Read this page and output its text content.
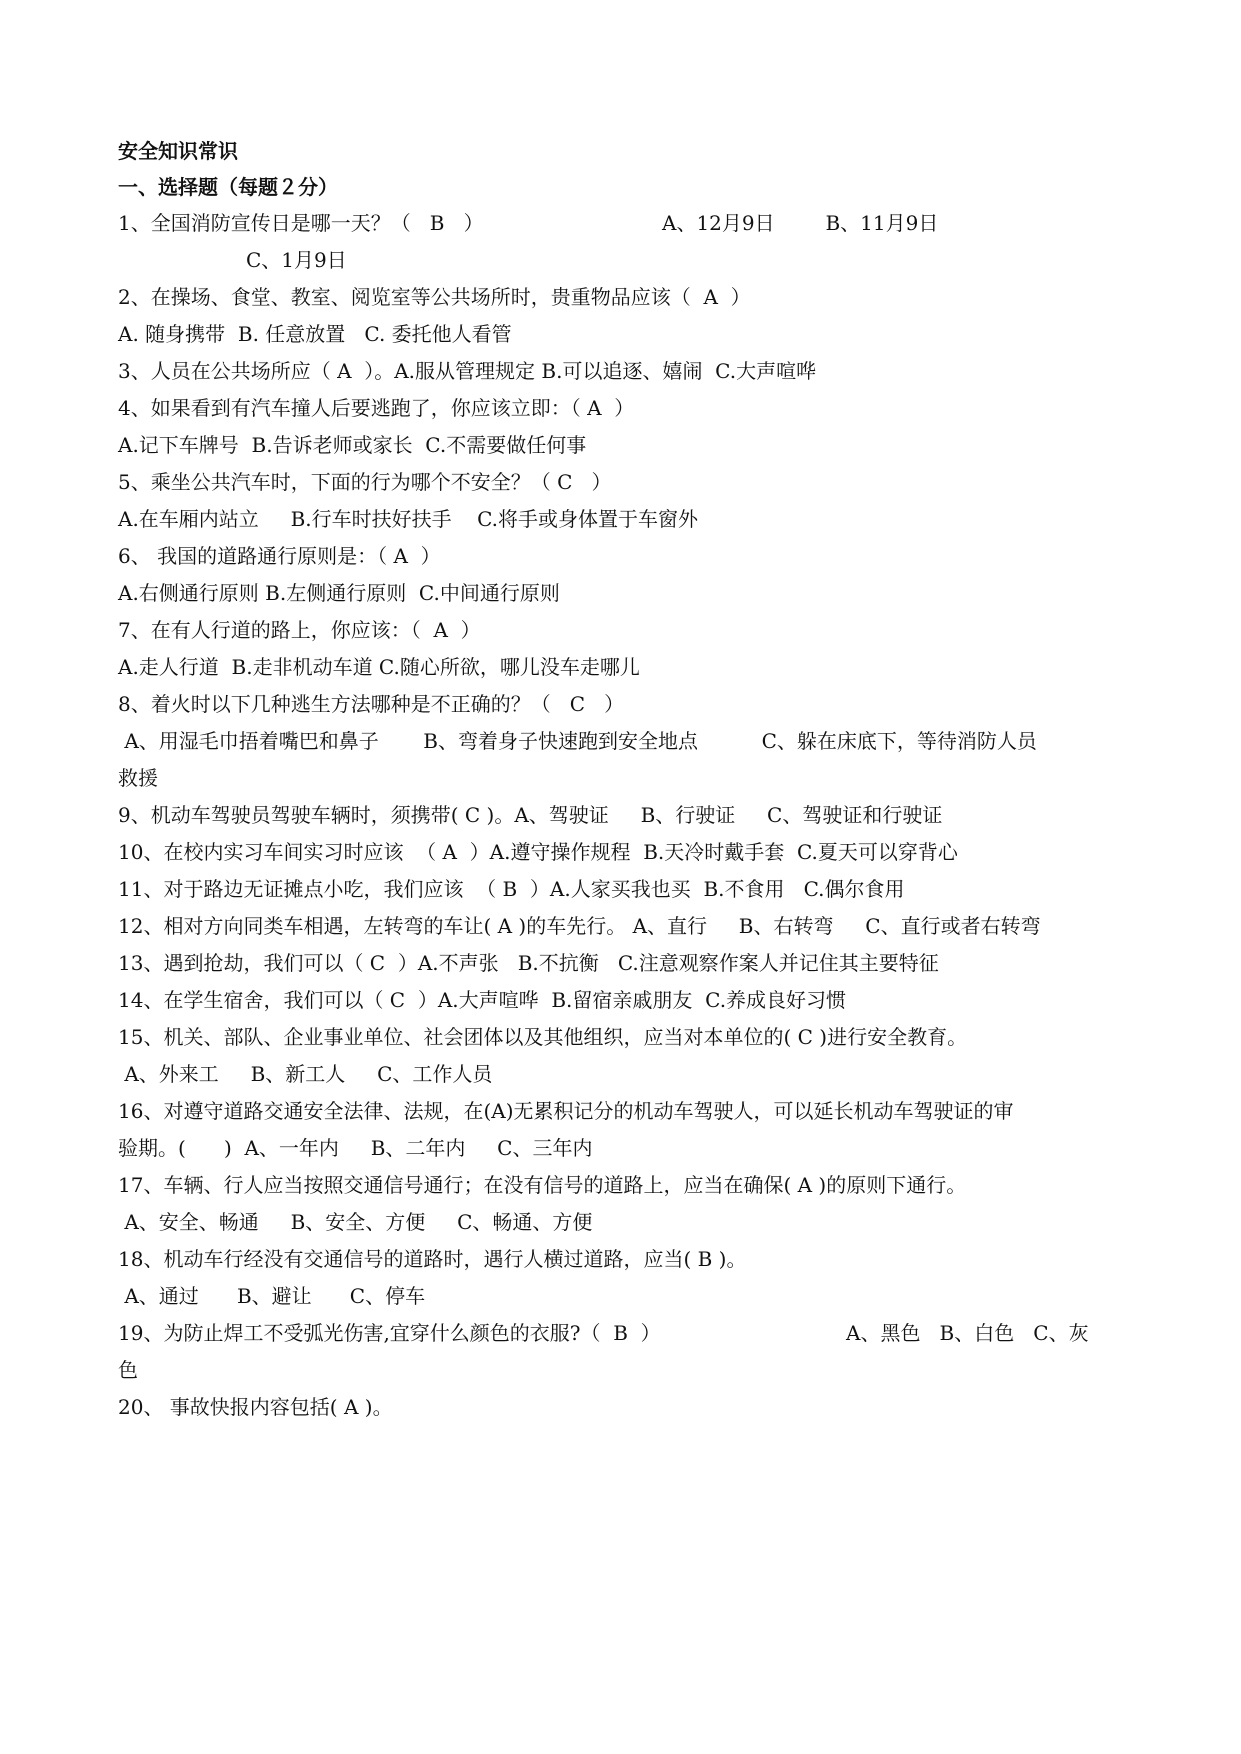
安全知识常识
一、选择题（每题２分）
1、全国消防宣传日是哪一天？（   B   ）	A、12月9日        B、11月9日
C、1月9日
2、在操场、食堂、教室、阅览室等公共场所时，贵重物品应该（  A  ）
A. 随身携带  B. 任意放置   C. 委托他人看管
3、人员在公共场所应（ A  ）。A.服从管理规定 B.可以追逐、嬉闹  C.大声喧哗
4、如果看到有汽车撞人后要逃跑了，你应该立即：（ A  ）
A.记下车牌号  B.告诉老师或家长  C.不需要做任何事
5、乘坐公共汽车时，下面的行为哪个不安全？（ C   ）
A.在车厢内站立     B.行车时扶好扶手    C.将手或身体置于车窗外
6、 我国的道路通行原则是：（ A  ）
A.右侧通行原则 B.左侧通行原则  C.中间通行原则
7、在有人行道的路上，你应该：（  A  ）
A.走人行道  B.走非机动车道 C.随心所欲，哪儿没车走哪儿
8、着火时以下几种逃生方法哪种是不正确的？（   C   ）
A、用湿毛巾捂着嘴巴和鼻子       B、弯着身子快速跑到安全地点          C、躲在床底下，等待消防人员
救援
9、机动车驾驶员驾驶车辆时，须携带( C )。A、驾驶证     B、行驶证     C、驾驶证和行驶证
10、在校内实习车间实习时应该  （ A  ）A.遵守操作规程  B.天冷时戴手套  C.夏天可以穿背心
11、对于路边无证摊点小吃，我们应该  （ B  ）A.人家买我也买  B.不食用   C.偶尔食用
12、相对方向同类车相遇，左转弯的车让( A )的车先行。 A、直行     B、右转弯     C、直行或者右转弯
13、遇到抢劫，我们可以（ C  ）A.不声张   B.不抗衡   C.注意观察作案人并记住其主要特征
14、在学生宿舍，我们可以（ C  ）A.大声喧哗  B.留宿亲戚朋友  C.养成良好习惯
15、机关、部队、企业事业单位、社会团体以及其他组织，应当对本单位的( C )进行安全教育。
A、外来工     B、新工人     C、工作人员
16、对遵守道路交通安全法律、法规，在(A)无累积记分的机动车驾驶人，可以延长机动车驾驶证的审
验期。(      )  A、一年内     B、二年内     C、三年内
17、车辆、行人应当按照交通信号通行；在没有信号的道路上，应当在确保( A )的原则下通行。
A、安全、畅通     B、安全、方便     C、畅通、方便
18、机动车行经没有交通信号的道路时，遇行人横过道路，应当( B )。
A、通过      B、避让      C、停车
19、为防止焊工不受弧光伤害,宜穿什么颜色的衣服?（  B  ）	A、黑色   B、白色   C、灰
色
20、 事故快报内容包括( A )。
